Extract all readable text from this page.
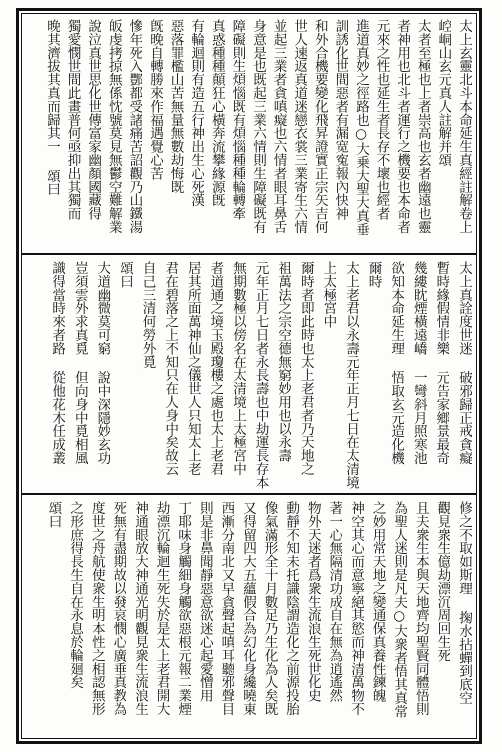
太上玄靈北斗本命延生真經註解卷上
崆峒山玄元真人註解并頌
太者至極也上者崇高也玄者幽遠也靈
者神用也北斗者運行之機要也本命者
元來之性也延生者長存不壞也經者
進道真妙之徑路也○大乗大聖大真垂
訓誘化世間惡者有漏宽寃報內快神
和外合機要變化飛昇證實正宗矢吉何
世人速返真道迷戀衣裳三業寄生六情
並起三業者貪嗔癡也六情者眼耳鼻舌
身意是也既起三業六情則生障礙既有
障礙則生煩惱既有煩惱種種輪轉牽
真惑種種顛狂心橫奔流攀緣源旣
有輪迴則有造五行神出生心死漢
惡落罪檻山苦無量無數劫悔既
旣晚自轉勝來作福遇覺心苦
慘年死入酆都受諸痛苦詔觀乃山鐵湯
皈虔拷掠無係忱號莫見無鬱空難解業
說泣真世思化世傳富家幽顏國藏得
獨愛憫世間此畫普何亟抑出其獨而
晚其濟拔其真而歸其一 頌曰
太上真詮度世迷 破邪歸正戒貪癡
暫時緣假情非樂 元告家鄉景最奇
幾縷眈煙橫遠嶠 一彎斜月照寒池
欲知本命延生理 悟取玄元造化機
爾時
太上老君以永壽元年正月七日在太清境
上太極宮中
爾時者即此時也太上老君者乃天地之
祖萬法之宗空德無窮妙用也以永壽
元年正月七日者永長壽也中劫運長存本
無期數極以傍名在太清境上太極宮中
者道通之境玉殿瓊樓之處也太上老君
居其所面萬神仙之儀世人只知太上老
君在碧落之上不知只在人身中矣故云
自己三清何勞外覓
頌曰
大道幽微莫可窮 說中深隱妙玄功
豈須雲外求真覓 但向身中覓相風
識得當時來者路 從他花木任成叢
修之不取如斯理 掬水拈蟬到底空
觀見衆生億劫漂沉周回生死
且夫衆生本與天地齊均聖賢同體悟則
為聖人迷則是凡夫○大衆者悟其真常
之妙用常天地之變通保真養性鍊魄
神空其心而意寧絕其慾而神清萬物不
著一心無隔清功成自在無為逍遙然
物外天迷者爲衆生流浪生死世化史
動靜不知未托識陰謂造化之前源投胎
像氣滿形全十月數足乃生化為人矣既
又得留四大五蘊假合為幻化身纔曉東
西漸分南北又早貪聲起嗔耳聽邪聲目
則是非鼻聞靜惡意欲迷心起愛憎用
丁耶味身觸細身觸欲惡根元報二業煙
劫漂沉輪迴生死失於是太上老君開大
神通眼放大神通光明觀見衆生流浪生
死無有盡期故以發哀憫心廣垂真教為
度世之舟航使衆生明本性之相認無形
之形庶得長生自在永息於輪廻矣
頌曰
